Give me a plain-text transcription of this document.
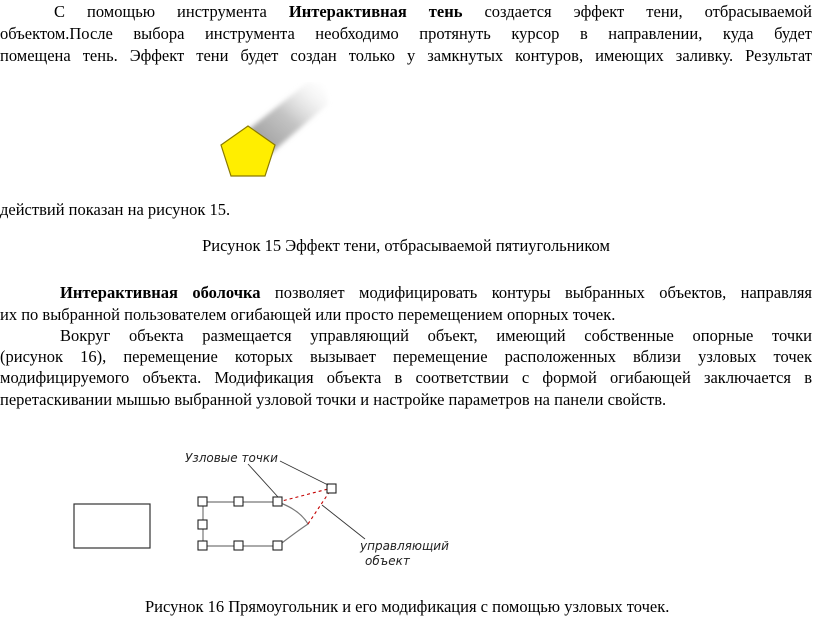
С помощью инструмента Интерактивная тень создается эффект тени, отбрасываемой
объектом.После выбора инструмента необходимо протянуть курсор в направлении, куда будет
помещена тень. Эффект тени будет создан только у замкнутых контуров, имеющих заливку. Результат
действий показан на рисунок 15.
Рисунок 15 Эффект тени, отбрасываемой пятиугольником
Интерактивная оболочка позволяет модифицировать контуры выбранных объектов, направляя
их по выбранной пользователем огибающей или просто перемещением опорных точек.
Вокруг объекта размещается управляющий объект, имеющий собственные опорные точки
(рисунок 16), перемещение которых вызывает перемещение расположенных вблизи узловых точек
модифицируемого объекта. Модификация объекта в соответствии с формой огибающей заключается в
перетаскивании мышью выбранной узловой точки и настройке параметров на панели свойств.
Узловые точки
управляющий
объект
Рисунок 16 Прямоугольник и его модификация с помощью узловых точек.
